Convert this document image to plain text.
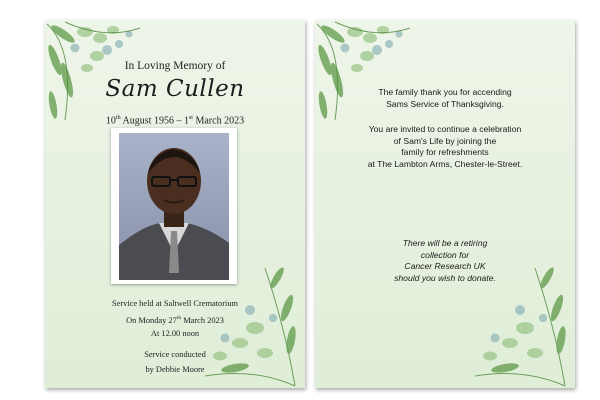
In Loving Memory of
Sam Cullen
10th August 1956 – 1st March 2023
Service held at Saltwell Crematorium
On Monday 27th March 2023
At 12.00 noon
Service conducted
by Debbie Moore
The family thank you for accending
Sams Service of Thanksgiving.
You are invited to continue a celebration
of Sam's Life by joining the
family for refreshments
at The Lambton Arms, Chester-le-Street.
There will be a retiring
collection for
Cancer Research UK
should you wish to donate.
